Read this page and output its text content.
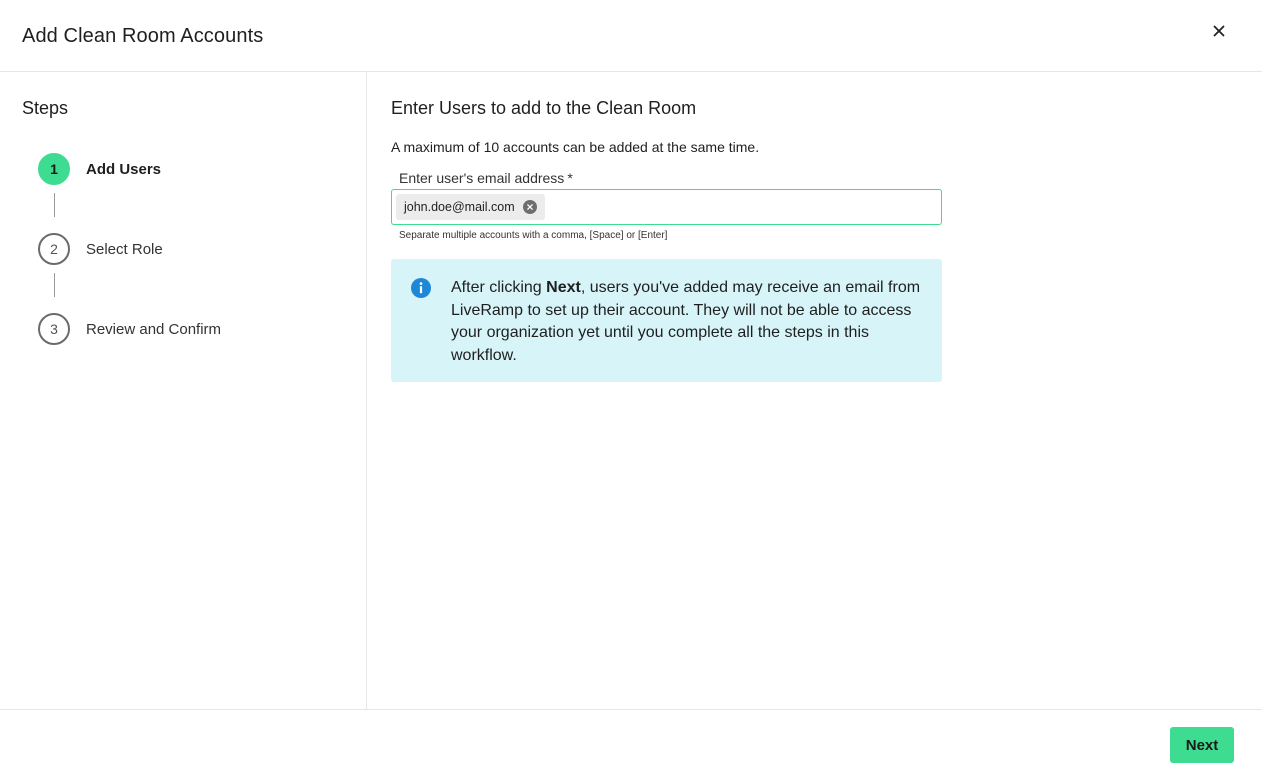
Add Clean Room Accounts
Steps
1	Add Users
2	Select Role
3	Review and Confirm
Enter Users to add to the Clean Room
A maximum of 10 accounts can be added at the same time.
Enter user's email address *
john.doe@mail.com
Separate multiple accounts with a comma, [Space] or [Enter]
After clicking Next, users you've added may receive an email from LiveRamp to set up their account. They will not be able to access your organization yet until you complete all the steps in this workflow.
Next
